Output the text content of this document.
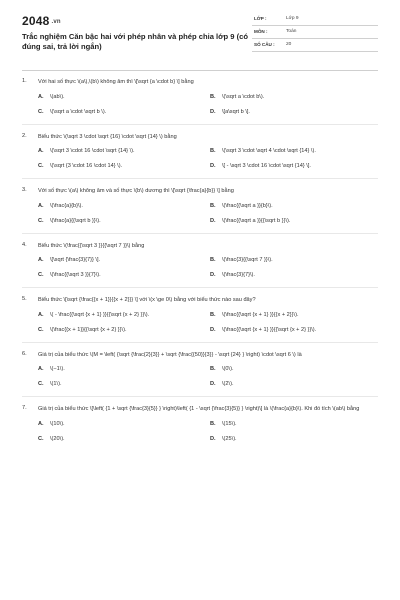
2048 .vn
Trắc nghiệm Căn bậc hai với phép nhân và phép chia lớp 9 (có đúng sai, trả lời ngắn)
LỚP :	Lớp 9
MÔN :	Toán
SỐ CÂU : 20
1.	Với hai số thực \(a\),\(b\) không âm thì \[\sqrt {a \cdot b} \] bằng
A.	\(ab\).	B.	\(\sqrt a \cdot b\).
C.	\(\sqrt a \cdot \sqrt b \).	D.	\[a\sqrt b \].
2.	Biểu thức \(\sqrt 3 \cdot \sqrt {16} \cdot \sqrt {14} \) bằng
A.	\(\sqrt 3 \cdot 16 \cdot \sqrt {14} \).	B.	\(\sqrt 3 \cdot \sqrt 4 \cdot \sqrt {14} \).
C.	\(\sqrt {3 \cdot 16 \cdot 14} \).	D.	\[ - \sqrt 3 \cdot 16 \cdot \sqrt {14} \].
3.	Với số thực \(a\) không âm và số thực \(b\) dương thì \[\sqrt {\frac{a}{b}} \] bằng
A.	\(\frac{a}{b}\).	B.	\(\frac{{\sqrt a }}{b}\).
C.	\(\frac{a}{{\sqrt b }}\).	D.	\(\frac{{\sqrt a }}{{\sqrt b }}\).
4.	Biểu thức \(\frac{{\sqrt 3 }}{{\sqrt 7 }}\) bằng
A.	\[\sqrt {\frac{3}{7}} \].	B.	\(\frac{3}{{\sqrt 7 }}\).
C.	\(\frac{{\sqrt 3 }}{7}\).	D.	\(\frac{3}{7}\).
5.	Biểu thức \[\sqrt {\frac{{x + 1}}{{x + 2}}} \] với \(x \ge 0\) bằng với biểu thức nào sau đây?
A.	\( - \frac{{\sqrt {x + 1} }}{{\sqrt {x + 2} }}\).	B.	\(\frac{{\sqrt {x + 1} }}{{x + 2}}\).
C.	\(\frac{{x + 1}}{{\sqrt {x + 2} }}\).	D.	\(\frac{{\sqrt {x + 1} }}{{\sqrt {x + 2} }}\).
6.	Giá trị của biểu thức \(M = \left( {\sqrt {\frac{2}{3}} + \sqrt {\frac{{50}}{3}} - \sqrt {24} } \right) \cdot \sqrt 6 \) là
A.	\(−1\).	B.	\(0\).
C.	\(1\).	D.	\(2\).
7.	Giá trị của biểu thức \[\left( {1 + \sqrt {\frac{3}{5}} } \right)\left( {1 - \sqrt {\frac{3}{5}} } \right)\] là \(\frac{a}{b}\). Khi đó tích \(ab\) bằng
A.	\(10\).	B.	\(15\).
C.	\(20\).	D.	\(25\).
